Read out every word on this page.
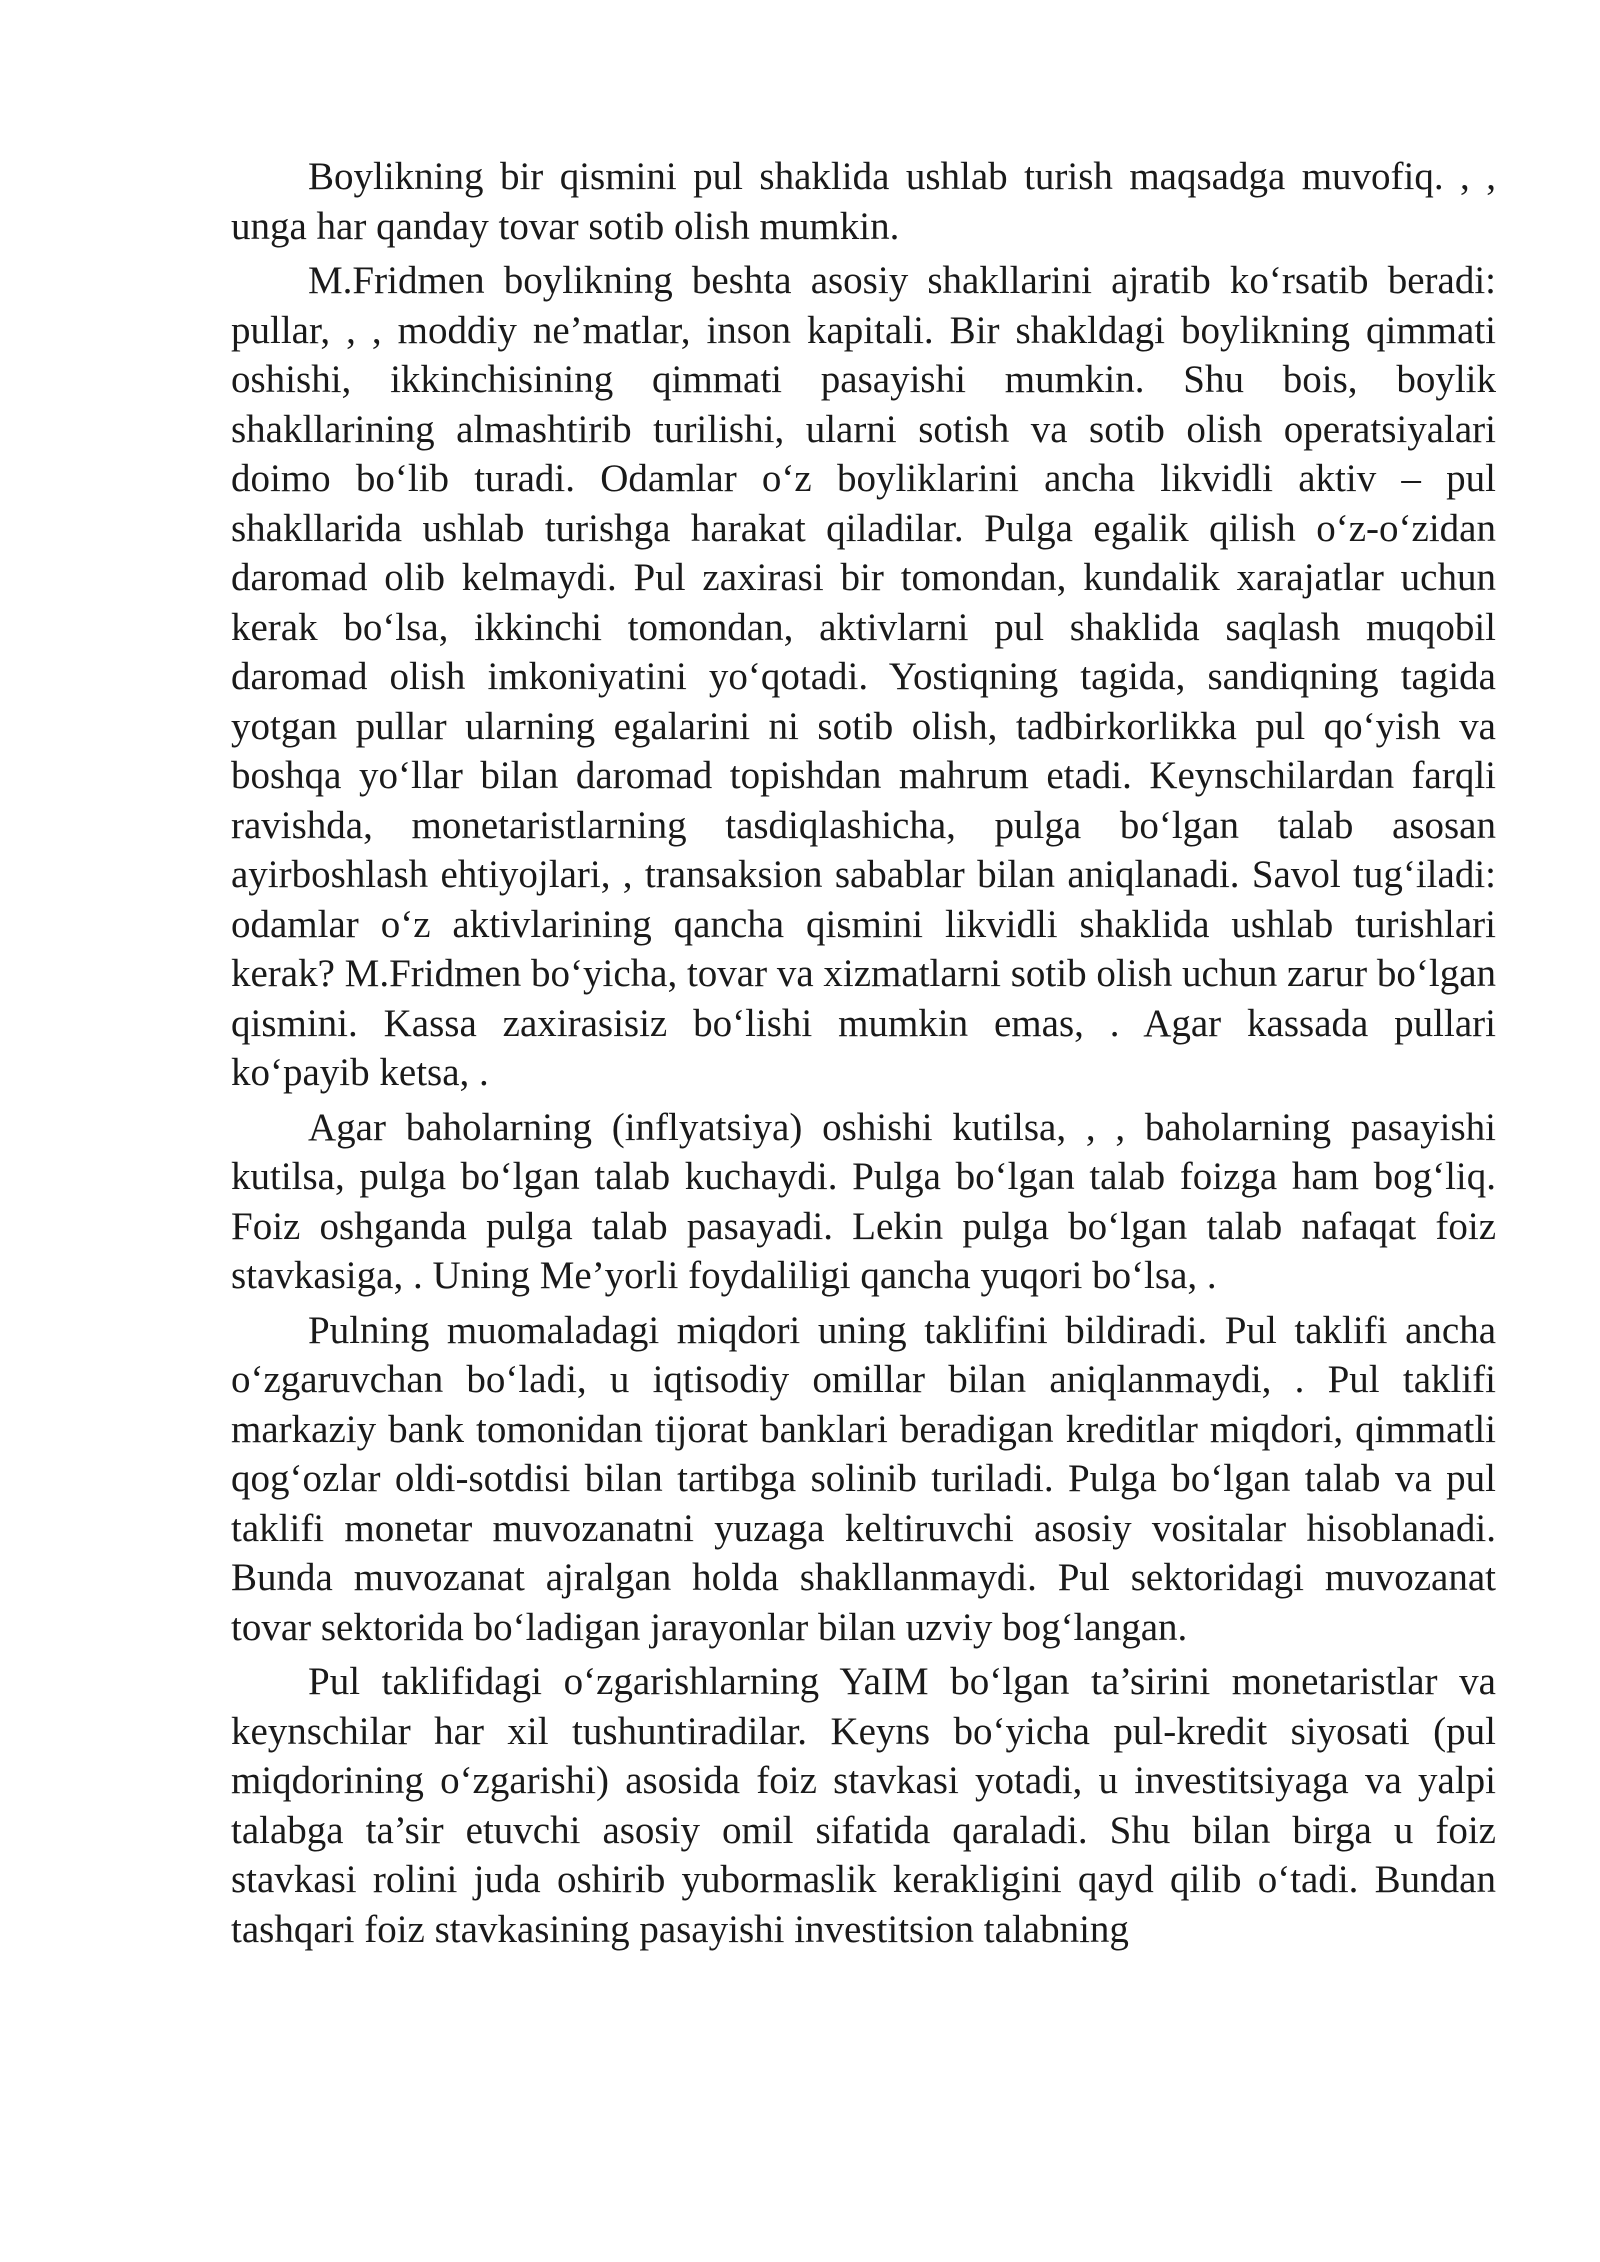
Boylikning bir qismini pul shaklida ushlab turish maqsadga muvofiq. , , unga har qanday tovar sotib olish mumkin.

M.Fridmen boylikning beshta asosiy shakllarini ajratib ko‘rsatib beradi: pullar, , , moddiy ne’matlar, inson kapitali. Bir shakldagi boylikning qimmati oshishi, ikkinchisining qimmati pasayishi mumkin. Shu bois, boylik shakllarining almashtirib turilishi, ularni sotish va sotib olish operatsiyalari doimo bo‘lib turadi. Odamlar o‘z boyliklarini ancha likvidli aktiv – pul shakllarida ushlab turishga harakat qiladilar. Pulga egalik qilish o‘z-o‘zidan daromad olib kelmaydi. Pul zaxirasi bir tomondan, kundalik xarajatlar uchun kerak bo‘lsa, ikkinchi tomondan, aktivlarni pul shaklida saqlash muqobil daromad olish imkoniyatini yo‘qotadi. Yostiqning tagida, sandiqning tagida yotgan pullar ularning egalarini ni sotib olish, tadbirkorlikka pul qo‘yish va boshqa yo‘llar bilan daromad topishdan mahrum etadi. Keynschilardan farqli ravishda, monetaristlarning tasdiqlashicha, pulga bo‘lgan talab asosan ayirboshlash ehtiyojlari, , transaksion sabablar bilan aniqlanadi. Savol tug‘iladi: odamlar o‘z aktivlarining qancha qismini likvidli shaklida ushlab turishlari kerak? M.Fridmen bo‘yicha, tovar va xizmatlarni sotib olish uchun zarur bo‘lgan qismini. Kassa zaxirasisiz bo‘lishi mumkin emas, . Agar kassada pullari ko‘payib ketsa, .

Agar baholarning (inflyatsiya) oshishi kutilsa, , , baholarning pasayishi kutilsa, pulga bo‘lgan talab kuchaydi. Pulga bo‘lgan talab foizga ham bog‘liq. Foiz oshganda pulga talab pasayadi. Lekin pulga bo‘lgan talab nafaqat foiz stavkasiga, . Uning Me’yorli foydaliligi qancha yuqori bo‘lsa, .

Pulning muomaladagi miqdori uning taklifini bildiradi. Pul taklifi ancha o‘zgaruvchan bo‘ladi, u iqtisodiy omillar bilan aniqlanmaydi, . Pul taklifi markaziy bank tomonidan tijorat banklari beradigan kreditlar miqdori, qimmatli qog‘ozlar oldi-sotdisi bilan tartibga solinib turiladi. Pulga bo‘lgan talab va pul taklifi monetar muvozanatni yuzaga keltiruvchi asosiy vositalar hisoblanadi. Bunda muvozanat ajralgan holda shakllanmaydi. Pul sektoridagi muvozanat tovar sektorida bo‘ladigan jarayonlar bilan uzviy bog‘langan.

Pul taklifidagi o‘zgarishlarning YaIM bo‘lgan ta’sirini monetaristlar va keynschilar har xil tushuntiradilar. Keyns bo‘yicha pul-kredit siyosati (pul miqdorining o‘zgarishi) asosida foiz stavkasi yotadi, u investitsiyaga va yalpi talabga ta’sir etuvchi asosiy omil sifatida qaraladi. Shu bilan birga u foiz stavkasi rolini juda oshirib yubormaslik kerakligini qayd qilib o‘tadi. Bundan tashqari foiz stavkasining pasayishi investitsion talabning
